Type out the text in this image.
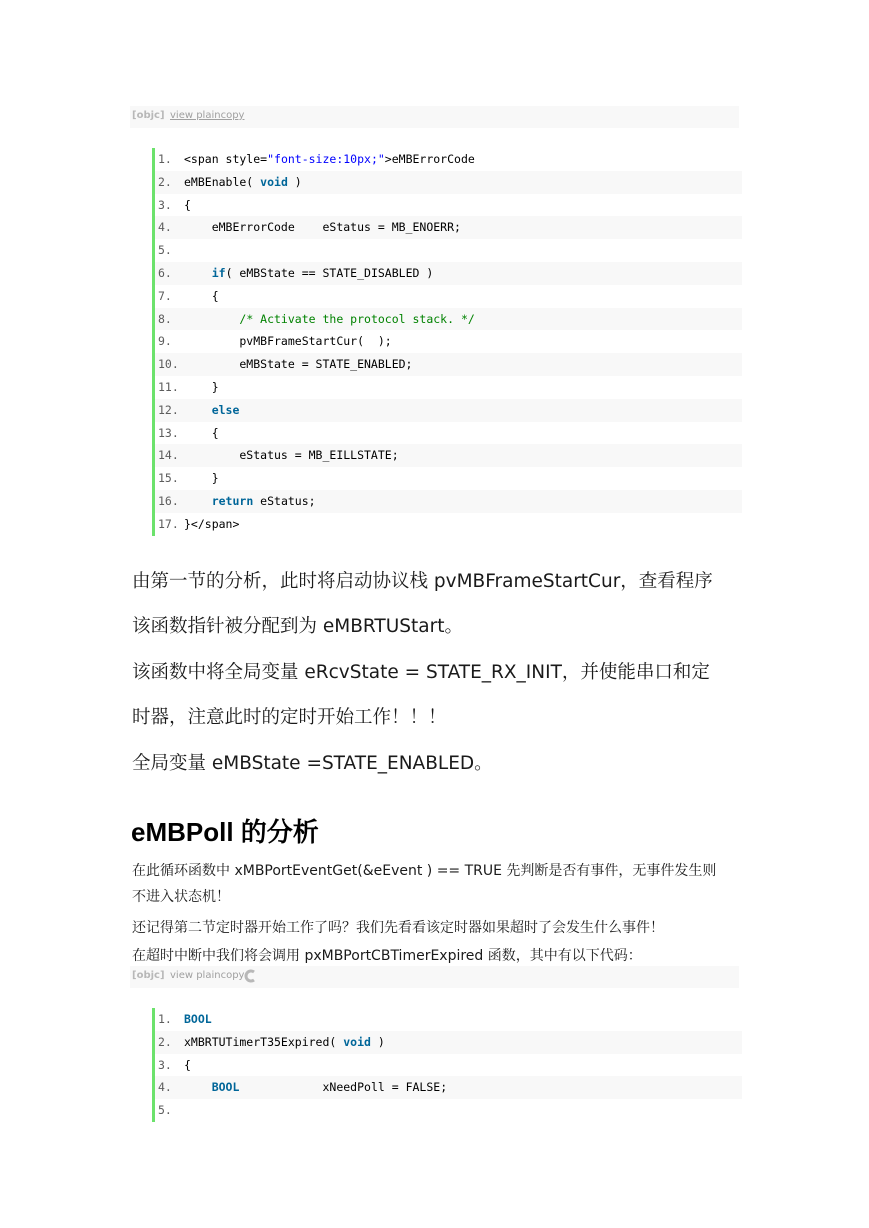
[objc] view plaincopy
1. <span style="font-size:10px;">eMBErrorCode
2. eMBEnable( void )
3. {
4. eMBErrorCode    eStatus = MB_ENOERR;
5.
6.	if( eMBState == STATE_DISABLED )
7. {
8.	/* Activate the protocol stack. */
9. pvMBFrameStartCur(  );
10. eMBState = STATE_ENABLED;
11. }
12.	else
13. {
14. eStatus = MB_EILLSTATE;
15. }
16.	return eStatus;
17. }</span>
由第一节的分析，此时将启动协议栈 pvMBFrameStartCur，查看程序
该函数指针被分配到为 eMBRTUStart。
该函数中将全局变量 eRcvState = STATE_RX_INIT，并使能串口和定
时器，注意此时的定时开始工作！！！
全局变量 eMBState =STATE_ENABLED。
eMBPoll 的分析
在此循环函数中 xMBPortEventGet(&eEvent ) == TRUE 先判断是否有事件，无事件发生则
不进入状态机！
还记得第二节定时器开始工作了吗？我们先看看该定时器如果超时了会发生什么事件！
在超时中断中我们将会调用 pxMBPortCBTimerExpired 函数，其中有以下代码：
[objc] view plaincopy
1. BOOL
2. xMBRTUTimerT35Expired( void )
3. {
4.	BOOL            xNeedPoll = FALSE;
5.
